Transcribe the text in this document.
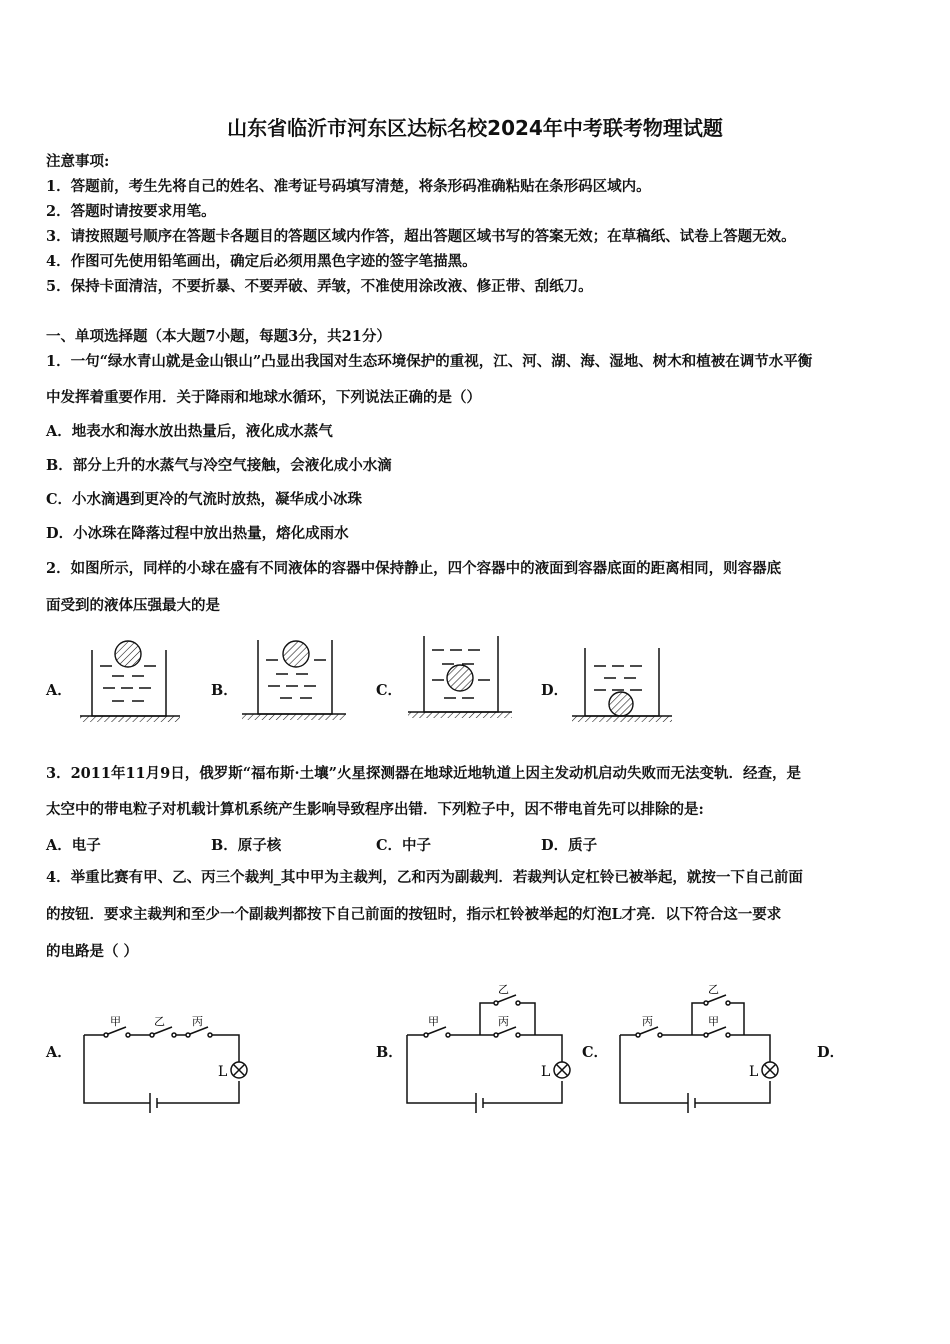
山东省临沂市河东区达标名校2024年中考联考物理试题
注意事项:
1．答题前，考生先将自己的姓名、准考证号码填写清楚，将条形码准确粘贴在条形码区域内。
2．答题时请按要求用笔。
3．请按照题号顺序在答题卡各题目的答题区域内作答，超出答题区域书写的答案无效；在草稿纸、试卷上答题无效。
4．作图可先使用铅笔画出，确定后必须用黑色字迹的签字笔描黑。
5．保持卡面清洁，不要折暴、不要弄破、弄皱，不准使用涂改液、修正带、刮纸刀。
一、单项选择题（本大题7小题，每题3分，共21分）
1．一句“绿水青山就是金山银山”凸显出我国对生态环境保护的重视，江、河、湖、海、湿地、树木和植被在调节水平衡
中发挥着重要作用．关于降雨和地球水循环，下列说法正确的是（）
A．地表水和海水放出热量后，液化成水蒸气
B．部分上升的水蒸气与冷空气接触，会液化成小水滴
C．小水滴遇到更冷的气流时放热，凝华成小冰珠
D．小冰珠在降落过程中放出热量，熔化成雨水
2．如图所示，同样的小球在盛有不同液体的容器中保持静止，四个容器中的液面到容器底面的距离相同，则容器底
面受到的液体压强最大的是
A．	B．	C．	D．
3．2011年11月9日，俄罗斯“福布斯·土壤”火星探测器在地球近地轨道上因主发动机启动失败而无法变轨．经查，是
太空中的带电粒子对机载计算机系统产生影响导致程序出错．下列粒子中，因不带电首先可以排除的是:
A．电子	B．原子核	C．中子	D．质子
4．举重比赛有甲、乙、丙三个裁判_其中甲为主裁判，乙和丙为副裁判．若裁判认定杠铃已被举起，就按一下自己前面
的按钮．要求主裁判和至少一个副裁判都按下自己前面的按钮时，指示杠铃被举起的灯泡L才亮．以下符合这一要求
的电路是（ ）
A．	B．	C．	D．
甲	乙 丙
L
甲
乙
丙
L
丙
乙
甲
L
